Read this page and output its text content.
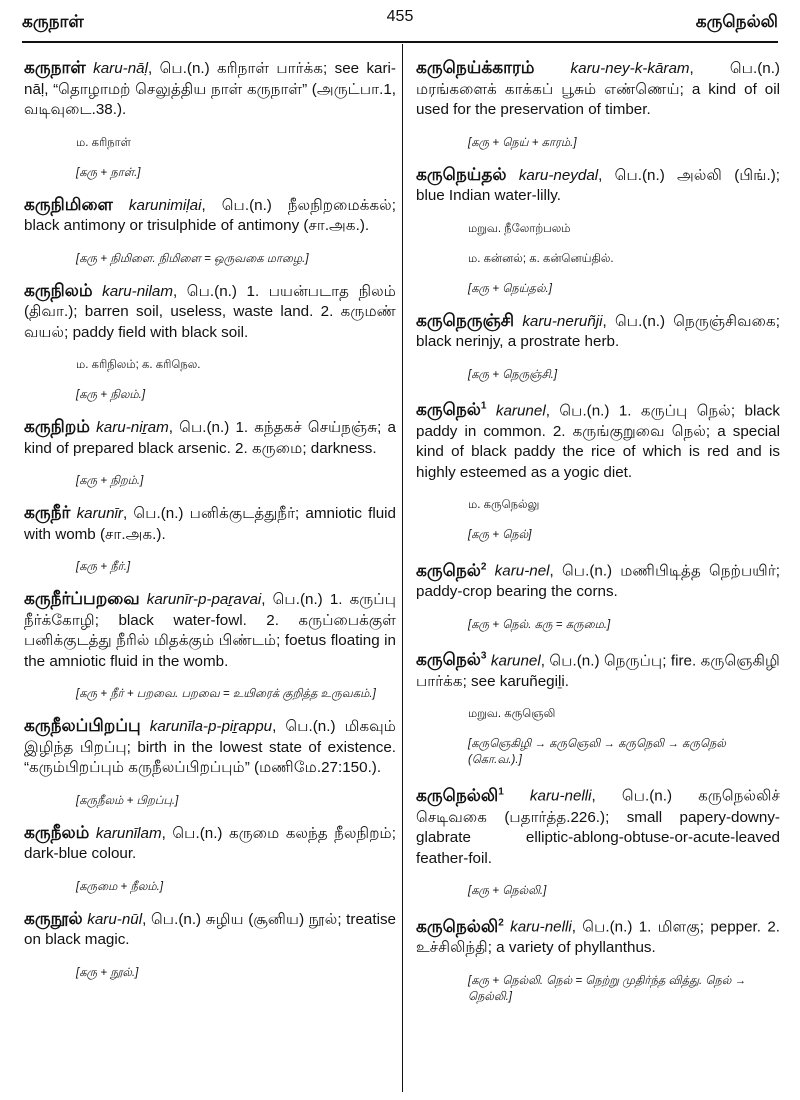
கருநாள்	கருநெல்லி
455
கருநாள் karu-nāḷ, பெ.(n.) கரிநாள் பார்க்க; see kari-nāḷ, “தொழாமற் செலுத்திய நாள் கருநாள்” (அருட்பா.1, வடிவுடை.38.).
ம. கரிநாள்
[கரு + நாள்.]
கருநிமிளை karunimiḷai, பெ.(n.) நீலநிறமைக்கல்; black antimony or trisulphide of antimony (சா.அக.).
[கரு + நிமிளை. நிமிளை = ஒருவகை மாழை.]
கருநிலம் karu-nilam, பெ.(n.) 1. பயன்படாத நிலம் (திவா.); barren soil, useless, waste land. 2. கருமண் வயல்; paddy field with black soil.
ம. கரிநிலம்; க. கரிநெல.
[கரு + நிலம்.]
கருநிறம் karu-niṟam, பெ.(n.) 1. கந்தகச் செய்நஞ்சு; a kind of prepared black arsenic. 2. கருமை; darkness.
[கரு + நிறம்.]
கருநீர் karunīr, பெ.(n.) பனிக்குடத்துநீர்; amniotic fluid with womb (சா.அக.).
[கரு + நீர்.]
கருநீர்ப்பறவை karunīr-p-paṟavai, பெ.(n.) 1. கருப்பு நீர்க்கோழி; black water-fowl. 2. கருப்பைக்குள் பனிக்குடத்து நீரில் மிதக்கும் பிண்டம்; foetus floating in the amniotic fluid in the womb.
[கரு + நீர் + பறவை. பறவை = உயிரைக் குறித்த உருவகம்.]
கருநீலப்பிறப்பு karunīla-p-piṟappu, பெ.(n.) மிகவும் இழிந்த பிறப்பு; birth in the lowest state of existence. “கரும்பிறப்பும் கருநீலப்பிறப்பும்” (மணிமே.27:150.).
[கருநீலம் + பிறப்பு.]
கருநீலம் karunīlam, பெ.(n.) கருமை கலந்த நீலநிறம்; dark-blue colour.
[கருமை + நீலம்.]
கருநூல் karu-nūl, பெ.(n.) சுழிய (சூனிய) நூல்; treatise on black magic.
[கரு + நூல்.]
கருநெய்க்காரம் karu-ney-k-kāram, பெ.(n.) மரங்களைக் காக்கப் பூசும் எண்ணெய்; a kind of oil used for the preservation of timber.
[கரு + நெய் + காரம்.]
கருநெய்தல் karu-neydal, பெ.(n.) அல்லி (பிங்.); blue Indian water-lilly.
மறுவ. நீலோற்பலம்
ம. கன்னல்; க. கன்னெய்தில்.
[கரு + நெய்தல்.]
கருநெருஞ்சி karu-neruñji, பெ.(n.) நெருஞ்சிவகை; black nerinjy, a prostrate herb.
[கரு + நெருஞ்சி.]
கருநெல்$^1$ karunel, பெ.(n.) 1. கருப்பு நெல்; black paddy in common. 2. கருங்குறுவை நெல்; a special kind of black paddy the rice of which is red and is highly esteemed as a yogic diet.
ம. கருநெல்லு
[கரு + நெல்]
கருநெல்$^2$ karu-nel, பெ.(n.) மணிபிடித்த நெற்பயிர்; paddy-crop bearing the corns.
[கரு + நெல். கரு = கருமை.]
கருநெல்$^3$ karunel, பெ.(n.) நெருப்பு; fire. கருஞெகிழி பார்க்க; see karuñegiḻi.
மறுவ. கருஞெலி
[கருஞெகிழி → கருஞெலி → கருநெலி → கருநெல் (கொ.வ.).]
கருநெல்லி$^1$ karu-nelli, பெ.(n.) கருநெல்லிச் செடிவகை (பதார்த்த.226.); small papery-downy-glabrate elliptic-ablong-obtuse-or-acute-leaved feather-foil.
[கரு + நெல்லி.]
கருநெல்லி$^2$ karu-nelli, பெ.(n.) 1. மிளகு; pepper. 2. உச்சிலிந்தி; a variety of phyllanthus.
[கரு + நெல்லி. நெல் = நெற்று முதிர்ந்த வித்து. நெல் → நெல்லி.]
